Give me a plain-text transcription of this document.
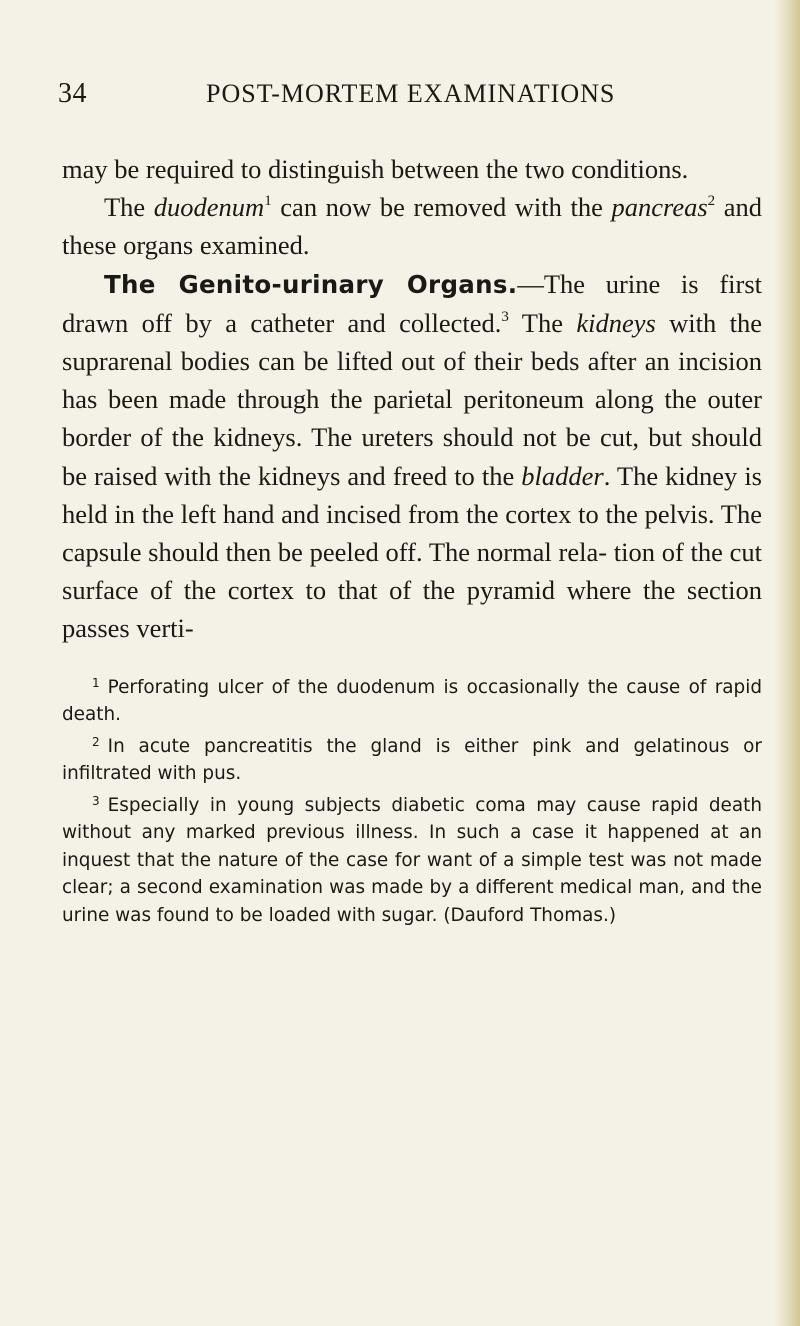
34	POST-MORTEM EXAMINATIONS

may be required to distinguish between the two conditions.

The duodenum$^1$ can now be removed with the pancreas$^2$ and these organs examined.

The Genito-urinary Organs.—The urine is first drawn off by a catheter and collected.$^3$ The kidneys with the suprarenal bodies can be lifted out of their beds after an incision has been made through the parietal peritoneum along the outer border of the kidneys. The ureters should not be cut, but should be raised with the kidneys and freed to the bladder. The kidney is held in the left hand and incised from the cortex to the pelvis. The capsule should then be peeled off. The normal rela- tion of the cut surface of the cortex to that of the pyramid where the section passes verti-

$^1$ Perforating ulcer of the duodenum is occasionally the cause of rapid death.

$^2$ In acute pancreatitis the gland is either pink and gelatinous or infiltrated with pus.

$^3$ Especially in young subjects diabetic coma may cause rapid death without any marked previous illness. In such a case it happened at an inquest that the nature of the case for want of a simple test was not made clear; a second examination was made by a different medical man, and the urine was found to be loaded with sugar. (Dauford Thomas.)
